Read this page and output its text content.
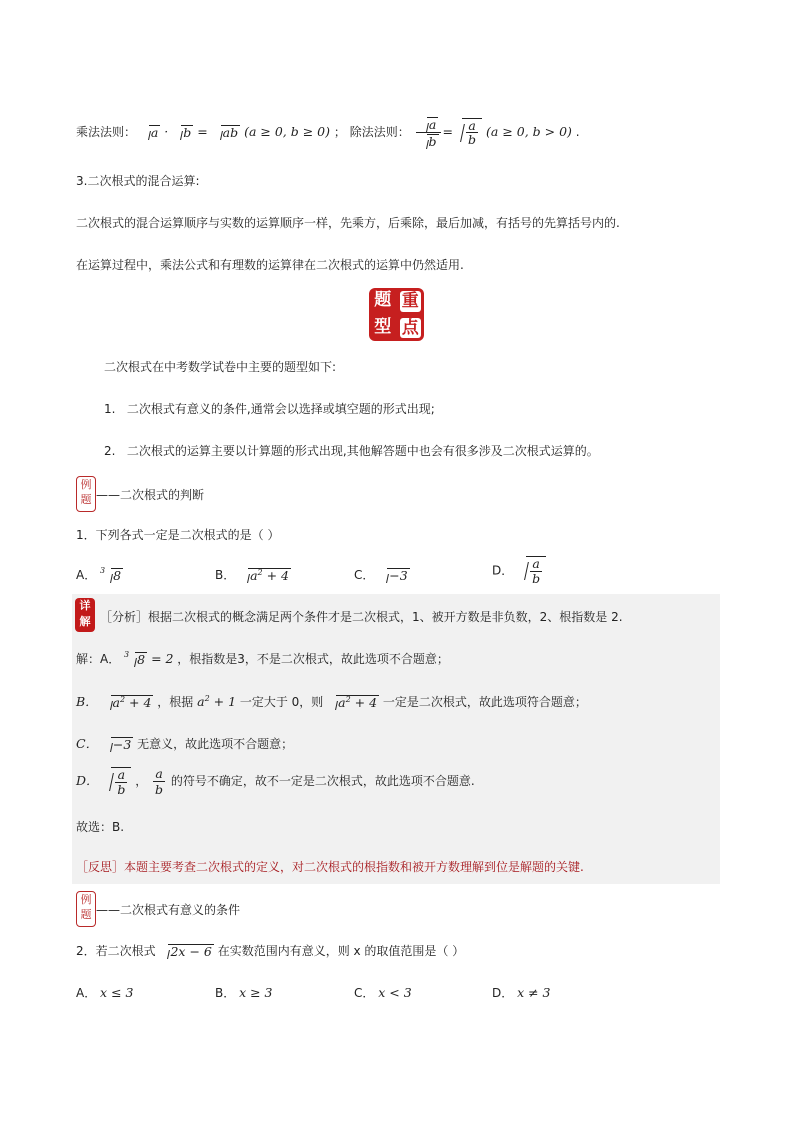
乘法法则： a · b = ab (a ≥ 0, b ≥ 0) ； 除法法则： $\frac{a}{b} = \frac{a}{b} (a \ge 0$, b > 0) .
3.二次根式的混合运算:
二次根式的混合运算顺序与实数的运算顺序一样，先乘方，后乘除，最后加减，有括号的先算括号内的.
在运算过程中，乘法公式和有理数的运算律在二次根式的运算中仍然适用.
题 重
型 点
二次根式在中考数学试卷中主要的题型如下:
1. 二次根式有意义的条件,通常会以选择或填空题的形式出现;
2. 二次根式的运算主要以计算题的形式出现,其他解答题中也会有很多涉及二次根式运算的。
例
题 ——二次根式的判断
1．下列各式一定是二次根式的是（ ）
A． $^3$ 8	B． $a^2 + 4$	C． −3	D． $\frac{a}{b}$
详
解 ［分析］根据二次根式的概念满足两个条件才是二次根式，1、被开方数是非负数，2、根指数是 2.
解：A． $^3$ 8 = 2 ，根指数是3，不是二次根式，故此选项不合题意；
B． $a^2 + 4$ ，根据 $a^2 + 1$ 一定大于 0，则 $a^2 + 4$ 一定是二次根式，故此选项符合题意；
C． −3 无意义，故此选项不合题意；
D． $\frac{a}{b}$ ， $\frac{a}{b}$ 的符号不确定，故不一定是二次根式，故此选项不合题意.
故选：B.
［反思］本题主要考查二次根式的定义，对二次根式的根指数和被开方数理解到位是解题的关键.
例
题 ——二次根式有意义的条件
2．若二次根式 2x − 6 在实数范围内有意义，则 x 的取值范围是（ ）
A． x ≤ 3	B． x ≥ 3	C． x < 3	D． x ≠ 3
